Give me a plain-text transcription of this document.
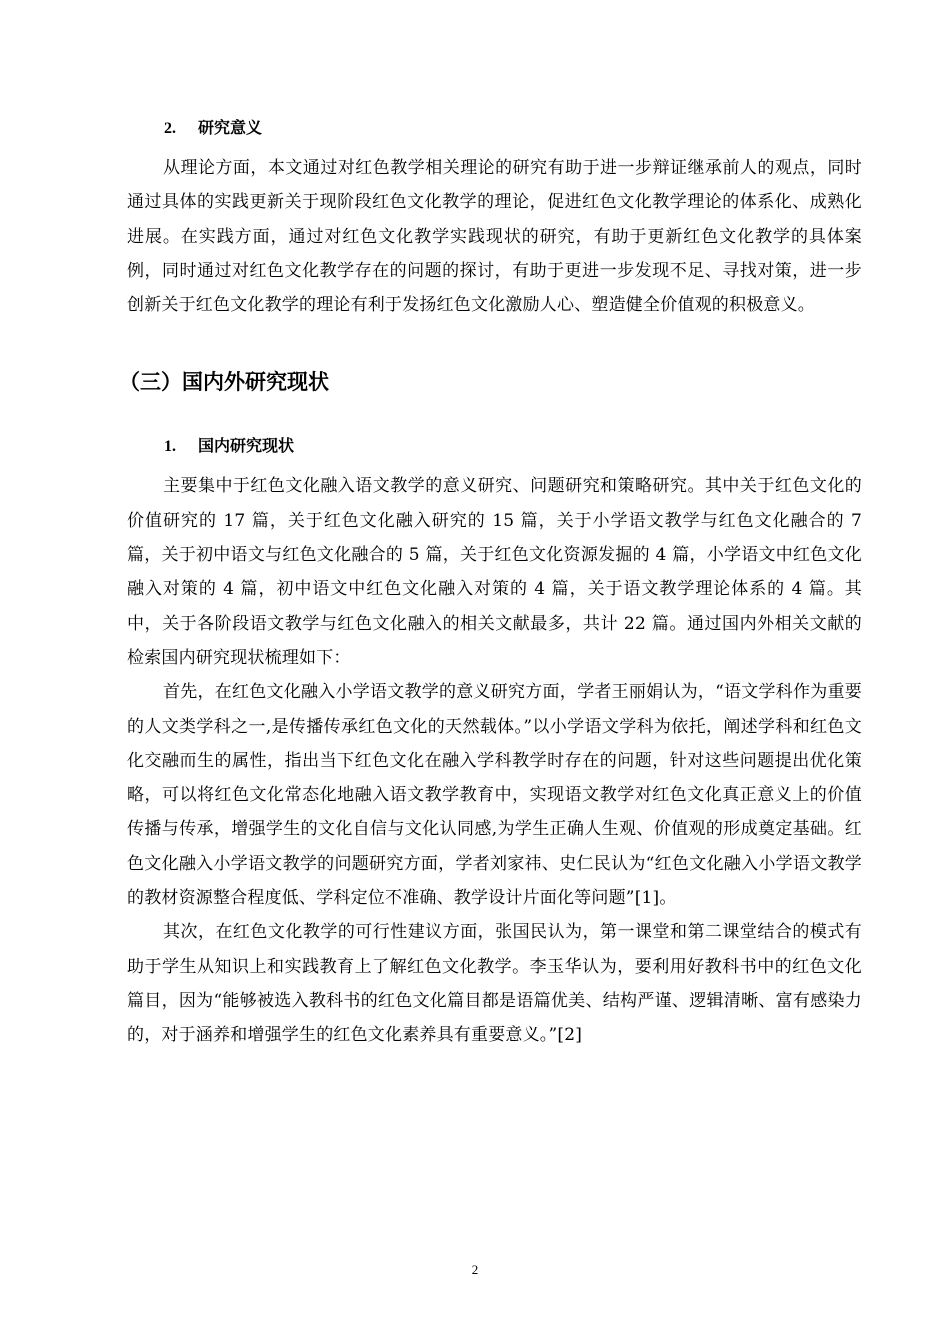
2. 研究意义

从理论方面，本文通过对红色教学相关理论的研究有助于进一步辩证继承前人的观点，同时通过具体的实践更新关于现阶段红色文化教学的理论，促进红色文化教学理论的体系化、成熟化进展。在实践方面，通过对红色文化教学实践现状的研究，有助于更新红色文化教学的具体案例，同时通过对红色文化教学存在的问题的探讨，有助于更进一步发现不足、寻找对策，进一步创新关于红色文化教学的理论有利于发扬红色文化激励人心、塑造健全价值观的积极意义。

（三）国内外研究现状
1. 国内研究现状

主要集中于红色文化融入语文教学的意义研究、问题研究和策略研究。其中关于红色文化的价值研究的 17 篇，关于红色文化融入研究的 15 篇，关于小学语文教学与红色文化融合的 7 篇，关于初中语文与红色文化融合的 5 篇，关于红色文化资源发掘的 4 篇，小学语文中红色文化融入对策的 4 篇，初中语文中红色文化融入对策的 4 篇，关于语文教学理论体系的 4 篇。其中，关于各阶段语文教学与红色文化融入的相关文献最多，共计 22 篇。通过国内外相关文献的检索国内研究现状梳理如下：

首先，在红色文化融入小学语文教学的意义研究方面，学者王丽娟认为，“语文学科作为重要的人文类学科之一,是传播传承红色文化的天然载体。”以小学语文学科为依托，阐述学科和红色文化交融而生的属性，指出当下红色文化在融入学科教学时存在的问题，针对这些问题提出优化策略，可以将红色文化常态化地融入语文教学教育中，实现语文教学对红色文化真正意义上的价值传播与传承，增强学生的文化自信与文化认同感,为学生正确人生观、价值观的形成奠定基础。红色文化融入小学语文教学的问题研究方面，学者刘家祎、史仁民认为“红色文化融入小学语文教学的教材资源整合程度低、学科定位不准确、教学设计片面化等问题”[1]。

其次，在红色文化教学的可行性建议方面，张国民认为，第一课堂和第二课堂结合的模式有助于学生从知识上和实践教育上了解红色文化教学。李玉华认为，要利用好教科书中的红色文化篇目，因为“能够被选入教科书的红色文化篇目都是语篇优美、结构严谨、逻辑清晰、富有感染力的，对于涵养和增强学生的红色文化素养具有重要意义。”[2]

2
